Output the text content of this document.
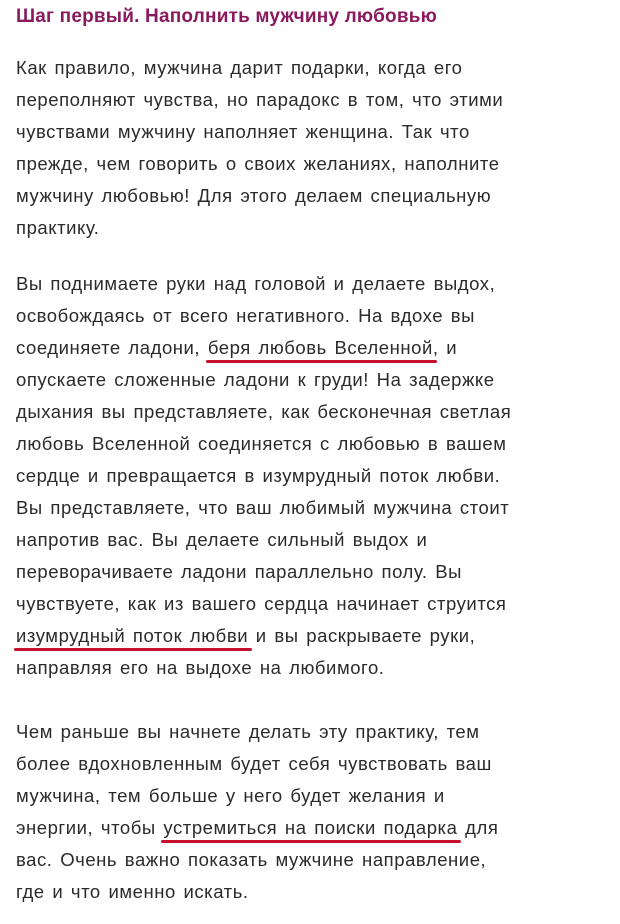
Шаг первый. Наполнить мужчину любовью
Как правило, мужчина дарит подарки, когда его
переполняют чувства, но парадокс в том, что этими
чувствами мужчину наполняет женщина. Так что
прежде, чем говорить о своих желаниях, наполните
мужчину любовью! Для этого делаем специальную
практику.
Вы поднимаете руки над головой и делаете выдох,
освобождаясь от всего негативного. На вдохе вы
соединяете ладони, беря любовь Вселенной, и
опускаете сложенные ладони к груди! На задержке
дыхания вы представляете, как бесконечная светлая
любовь Вселенной соединяется с любовью в вашем
сердце и превращается в изумрудный поток любви.
Вы представляете, что ваш любимый мужчина стоит
напротив вас. Вы делаете сильный выдох и
переворачиваете ладони параллельно полу. Вы
чувствуете, как из вашего сердца начинает струится
изумрудный поток любви и вы раскрываете руки,
направляя его на выдохе на любимого.
Чем раньше вы начнете делать эту практику, тем
более вдохновленным будет себя чувствовать ваш
мужчина, тем больше у него будет желания и
энергии, чтобы устремиться на поиски подарка для
вас. Очень важно показать мужчине направление,
где и что именно искать.
